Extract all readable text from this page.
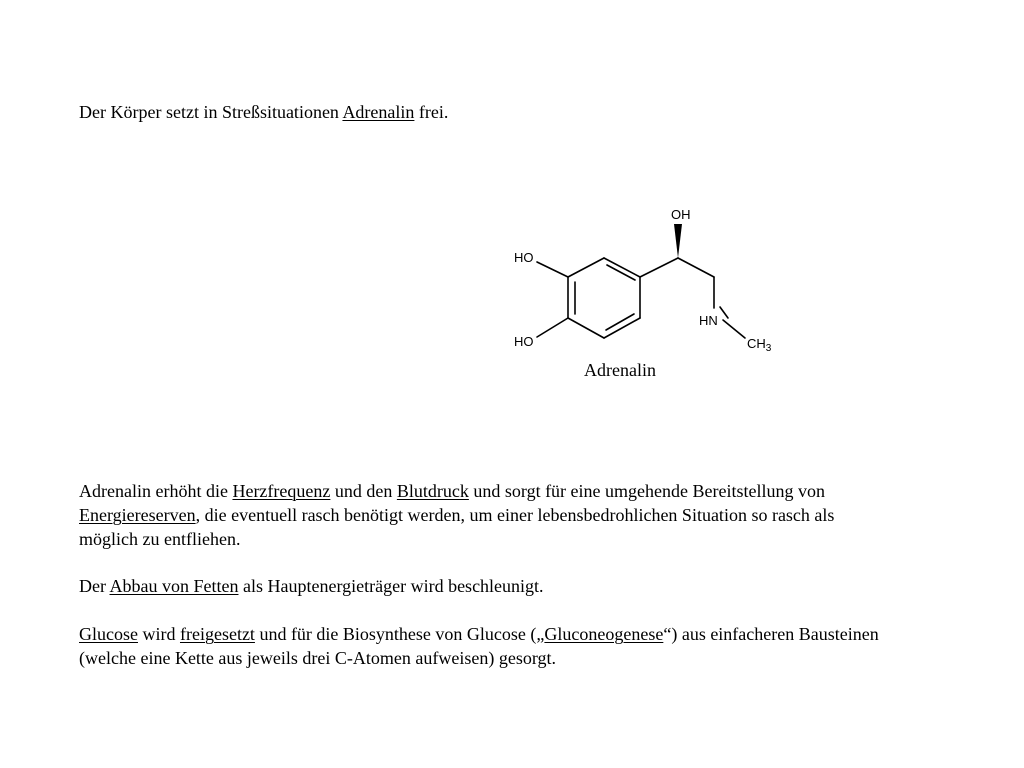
Der Körper setzt in Streßsituationen Adrenalin frei.

OH
HO
HO
HN
$CH_3$
Adrenalin

Adrenalin erhöht die Herzfrequenz und den Blutdruck und sorgt für eine umgehende Bereitstellung von
Energiereserven, die eventuell rasch benötigt werden, um einer lebensbedrohlichen Situation so rasch als
möglich zu entfliehen.

Der Abbau von Fetten als Hauptenergieträger wird beschleunigt.

Glucose wird freigesetzt und für die Biosynthese von Glucose („Gluconeogenese“) aus einfacheren Bausteinen
(welche eine Kette aus jeweils drei C-Atomen aufweisen) gesorgt.
